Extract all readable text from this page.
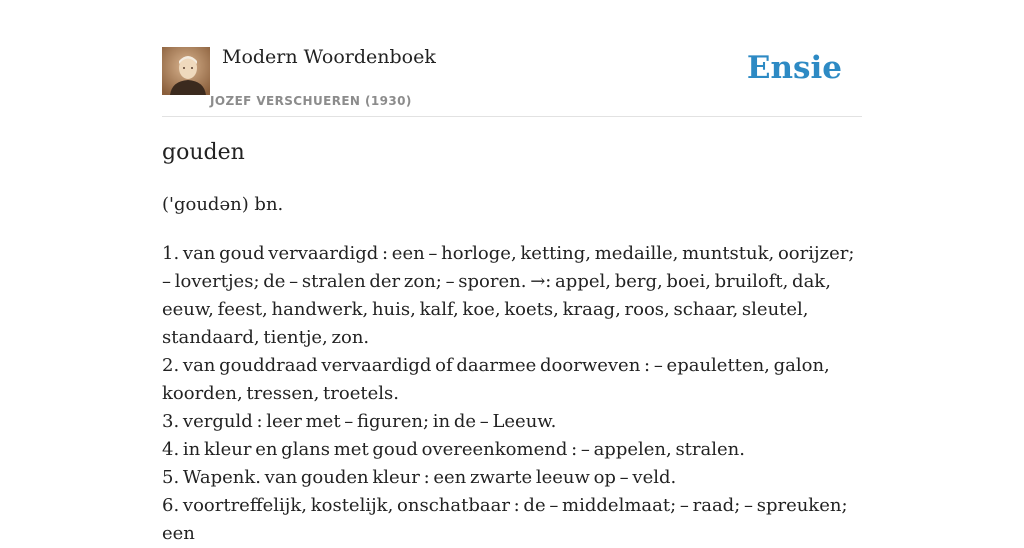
Modern Woordenboek
JOZEF VERSCHUEREN (1930)
Ensie
gouden
('goudən) bn.

1. van goud vervaardigd : een – horloge, ketting, medaille, muntstuk, oorijzer; – lovertjes; de – stralen der zon; – sporen. →: appel, berg, boei, bruiloft, dak, eeuw, feest, handwerk, huis, kalf, koe, koets, kraag, roos, schaar, sleutel, standaard, tientje, zon.

2. van gouddraad vervaardigd of daarmee doorweven : – epauletten, galon, koorden, tressen, troetels.

3. verguld : leer met – figuren; in de – Leeuw.

4. in kleur en glans met goud overeenkomend : – appelen, stralen.

5. Wapenk. van gouden kleur : een zwarte leeuw op – veld.

6. voortreffelijk, kostelijk, onschatbaar : de – middelmaat; – raad; – spreuken; een
